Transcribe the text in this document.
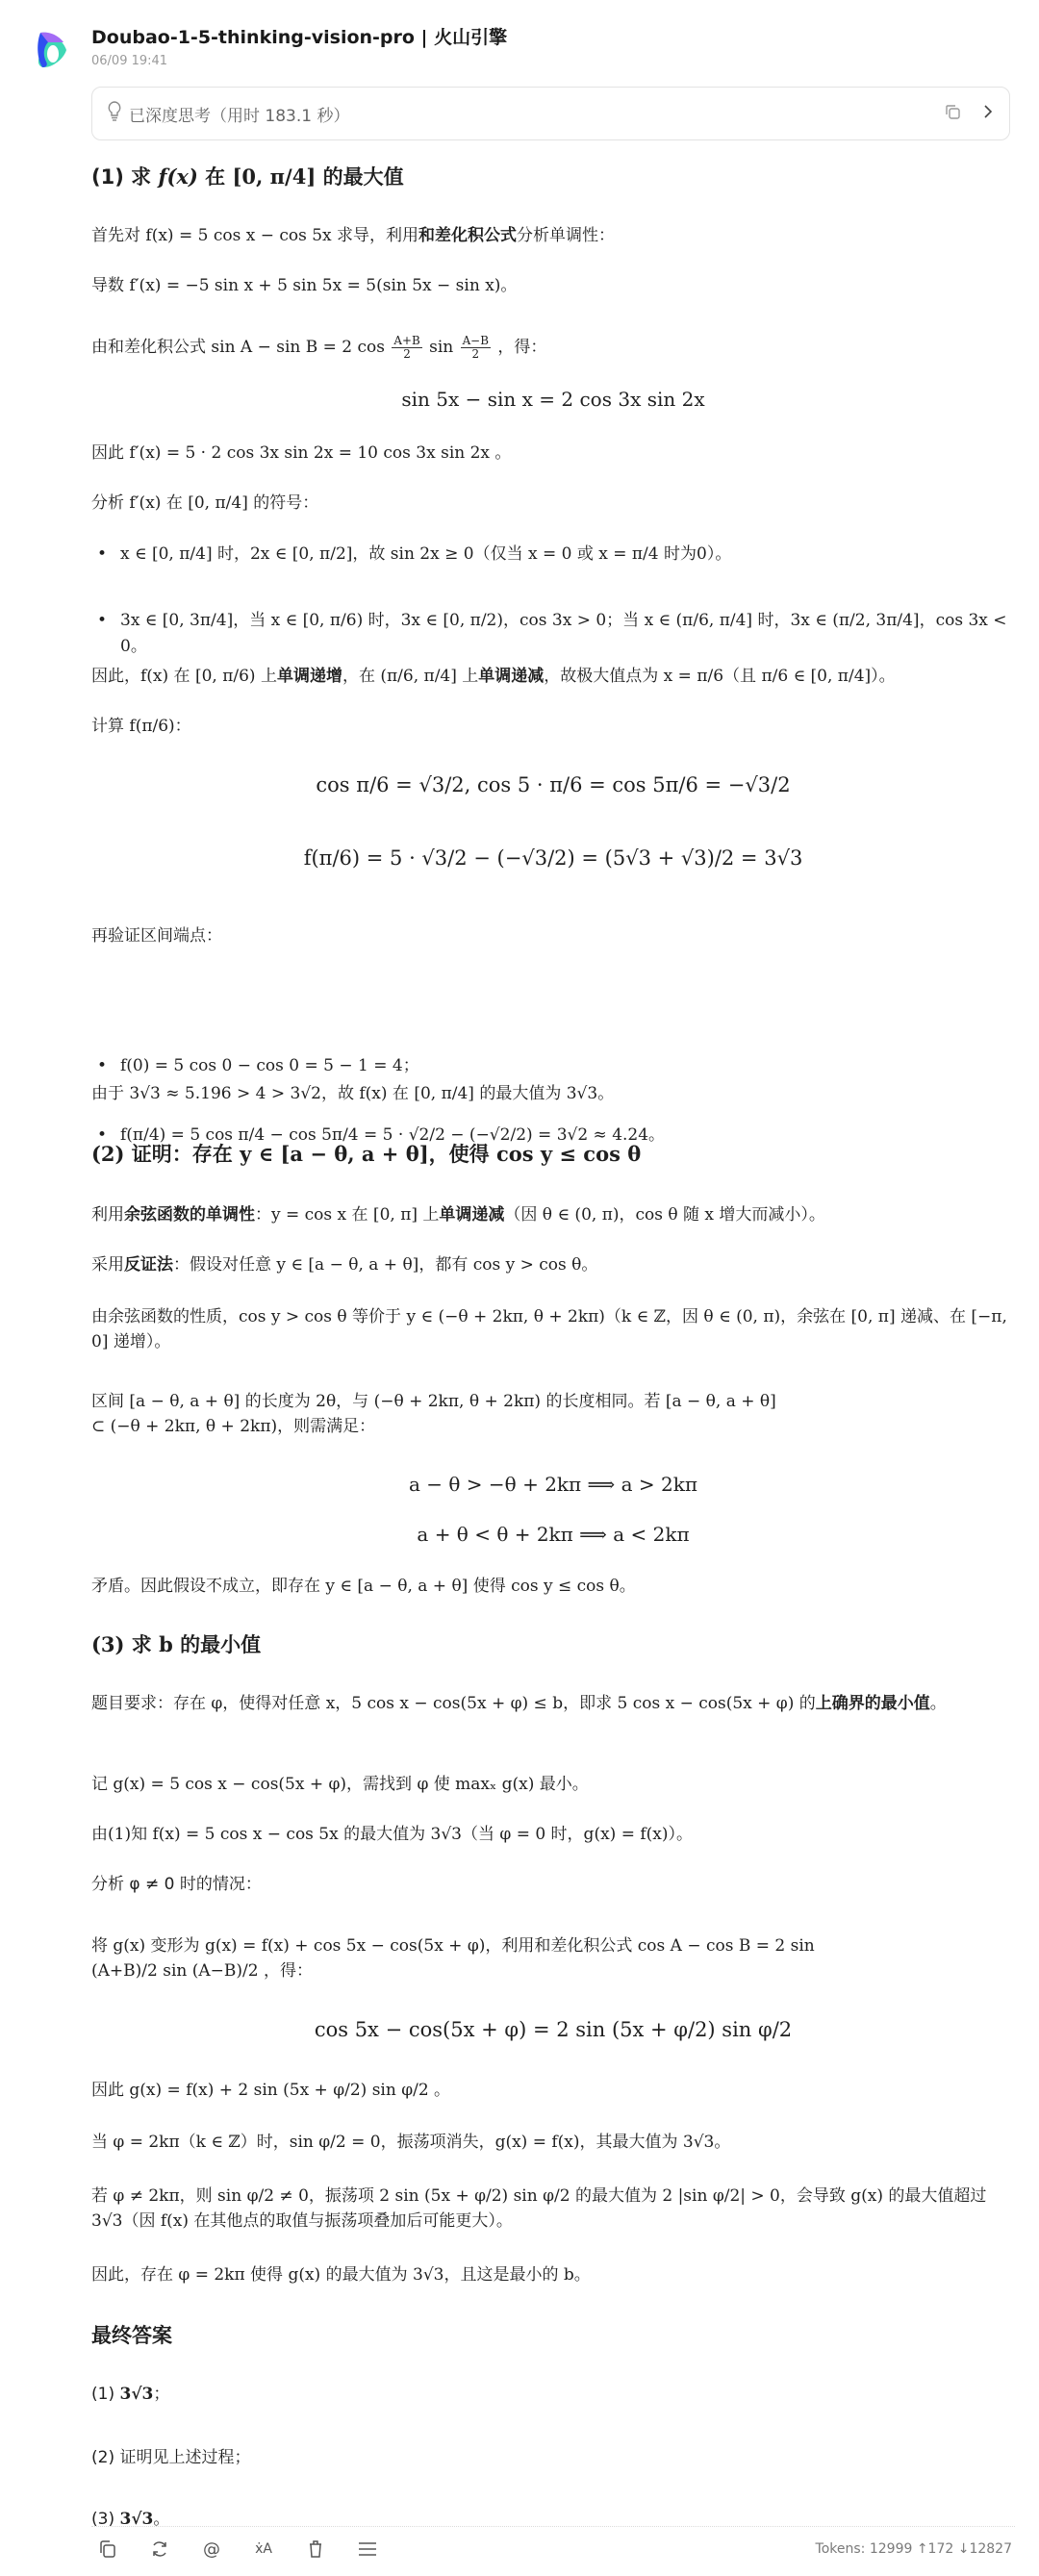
Doubao-1-5-thinking-vision-pro | 火山引擎
06/09 19:41
已深度思考（用时 183.1 秒）
(1) 求 f(x) 在 [0, π/4] 的最大值
首先对 f(x) = 5 cos x − cos 5x 求导，利用和差化积公式分析单调性：
导数 f′(x) = −5 sin x + 5 sin 5x = 5(sin 5x − sin x)。
由和差化积公式 sin A − sin B = 2 $\cos \frac{A+B}{2}$ $\sin \frac{A-B}{2}$ ，得：
sin 5x − sin x = 2 cos 3x sin 2x
因此 f′(x) = 5 · 2 cos 3x sin 2x = 10 cos 3x sin 2x 。
分析 f′(x) 在 [0, π/4] 的符号：
• x ∈ [0, π/4] 时，2x ∈ [0, π/2]，故 sin 2x ≥ 0（仅当 x = 0 或 x = π/4 时为0）。
• 3x ∈ [0, 3π/4]，当 x ∈ [0, π/6) 时，3x ∈ [0, π/2)，cos 3x > 0；当 x ∈ (π/6, π/4] 时，3x ∈ (π/2, 3π/4]，cos 3x < 0。
因此，f(x) 在 [0, π/6) 上单调递增，在 (π/6, π/4] 上单调递减，故极大值点为 x = π/6（且 π/6 ∈ [0, π/4]）。
计算 f(π/6)：
cos π/6 = √3/2, cos 5 · π/6 = cos 5π/6 = −√3/2
f(π/6) = 5 · √3/2 − (−√3/2) = (5√3 + √3)/2 = 3√3
再验证区间端点：
• f(0) = 5 cos 0 − cos 0 = 5 − 1 = 4；
• f(π/4) = 5 cos π/4 − cos 5π/4 = 5 · √2/2 − (−√2/2) = 3√2 ≈ 4.24。
由于 3√3 ≈ 5.196 > 4 > 3√2，故 f(x) 在 [0, π/4] 的最大值为 3√3。
(2) 证明：存在 y ∈ [a − θ, a + θ]，使得 cos y ≤ cos θ
利用余弦函数的单调性：y = cos x 在 [0, π] 上单调递减（因 θ ∈ (0, π)，cos θ 随 x 增大而减小）。
采用反证法：假设对任意 y ∈ [a − θ, a + θ]，都有 cos y > cos θ。
由余弦函数的性质，cos y > cos θ 等价于 y ∈ (−θ + 2kπ, θ + 2kπ)（k ∈ ℤ，因 θ ∈ (0, π)，余弦在 [0, π] 递减、在 [−π, 0] 递增）。
区间 [a − θ, a + θ] 的长度为 2θ，与 (−θ + 2kπ, θ + 2kπ) 的长度相同。若 [a − θ, a + θ] ⊂ (−θ + 2kπ, θ + 2kπ)，则需满足：
a − θ > −θ + 2kπ ⟹ a > 2kπ
a + θ < θ + 2kπ ⟹ a < 2kπ
矛盾。因此假设不成立，即存在 y ∈ [a − θ, a + θ] 使得 cos y ≤ cos θ。
(3) 求 b 的最小值
题目要求：存在 φ，使得对任意 x，5 cos x − cos(5x + φ) ≤ b，即求 5 cos x − cos(5x + φ) 的上确界的最小值。
记 g(x) = 5 cos x − cos(5x + φ)，需找到 φ 使 maxₓ g(x) 最小。
由(1)知 f(x) = 5 cos x − cos 5x 的最大值为 3√3（当 φ = 0 时，g(x) = f(x)）。
分析 φ ≠ 0 时的情况：
将 g(x) 变形为 g(x) = f(x) + cos 5x − cos(5x + φ)，利用和差化积公式 cos A − cos B = 2 sin (A+B)/2 sin (A−B)/2 ，得：
cos 5x − cos(5x + φ) = 2 sin (5x + φ/2) sin φ/2
因此 g(x) = f(x) + 2 sin (5x + φ/2) sin φ/2 。
当 φ = 2kπ（k ∈ ℤ）时，sin φ/2 = 0，振荡项消失，g(x) = f(x)，其最大值为 3√3。
若 φ ≠ 2kπ，则 sin φ/2 ≠ 0，振荡项 2 sin (5x + φ/2) sin φ/2 的最大值为 2 |sin φ/2| > 0，会导致 g(x) 的最大值超过 3√3（因 f(x) 在其他点的取值与振荡项叠加后可能更大）。
因此，存在 φ = 2kπ 使得 g(x) 的最大值为 3√3，且这是最小的 b。
最终答案
(1) 3√3；
(2) 证明见上述过程；
(3) 3√3。
@	ẋA	Tokens: 12999 ↑172 ↓12827
